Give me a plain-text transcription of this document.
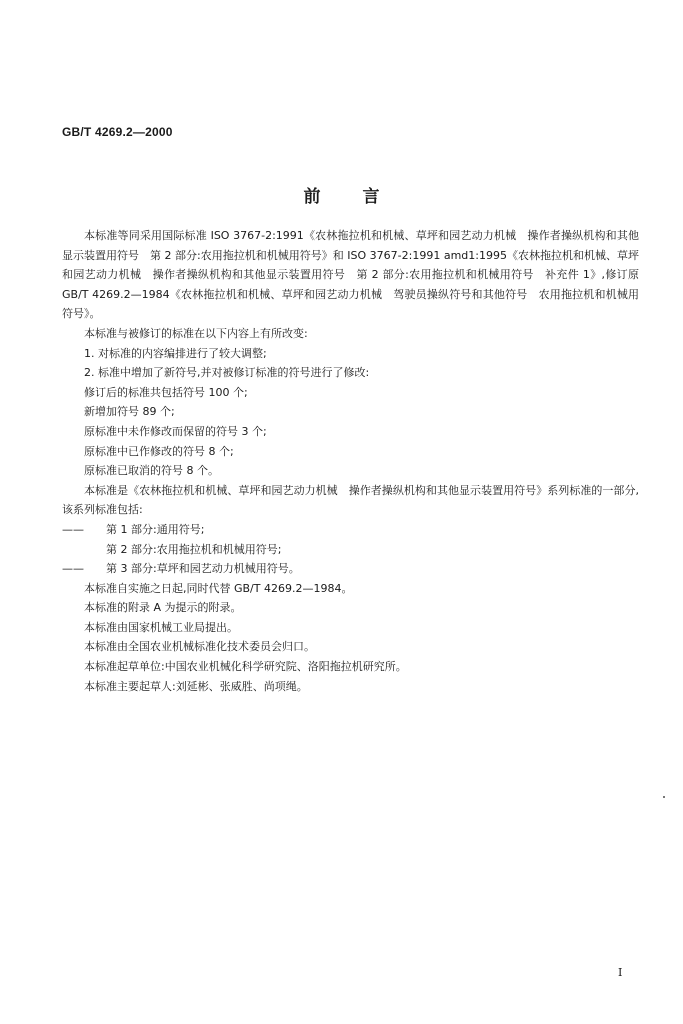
GB/T 4269.2—2000
前言

本标准等同采用国际标准 ISO 3767-2:1991《农林拖拉机和机械、草坪和园艺动力机械　操作者操纵机构和其他显示装置用符号　第 2 部分:农用拖拉机和机械用符号》和 ISO 3767-2:1991 amd1:1995《农林拖拉机和机械、草坪和园艺动力机械　操作者操纵机构和其他显示装置用符号　第 2 部分:农用拖拉机和机械用符号　补充件 1》,修订原 GB/T 4269.2—1984《农林拖拉机和机械、草坪和园艺动力机械　驾驶员操纵符号和其他符号　农用拖拉机和机械用符号》。

本标准与被修订的标准在以下内容上有所改变:

1. 对标准的内容编排进行了较大调整;

2. 标准中增加了新符号,并对被修订标准的符号进行了修改:

修订后的标准共包括符号 100 个;

新增加符号 89 个;

原标准中未作修改而保留的符号 3 个;

原标准中已作修改的符号 8 个;

原标准已取消的符号 8 个。

本标准是《农林拖拉机和机械、草坪和园艺动力机械　操作者操纵机构和其他显示装置用符号》系列标准的一部分,该系列标准包括:

—— 第 1 部分:通用符号;

第 2 部分:农用拖拉机和机械用符号;

—— 第 3 部分:草坪和园艺动力机械用符号。

本标准自实施之日起,同时代替 GB/T 4269.2—1984。

本标准的附录 A 为提示的附录。

本标准由国家机械工业局提出。

本标准由全国农业机械标准化技术委员会归口。

本标准起草单位:中国农业机械化科学研究院、洛阳拖拉机研究所。

本标准主要起草人:刘延彬、张威胜、尚项绳。

I
